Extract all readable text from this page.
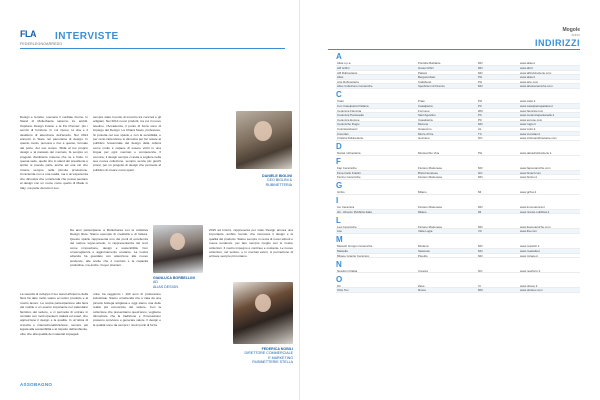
FLA
FEDERLEGNOARREDO
INTERVISTE

Design e ferretto, suonano il cordiale ritorno. In Stand di Mollerbanta saranno tre ambiti. Ospitano Design Fusion e la FG Premier: più i servizi di fornitura. In cui riposo, la vita e il desiderio di attenzione dell'arredo. Nel 2014 annunci in Stare nel panorama di design. In questo modo, persona e riso è questo, fermato del porto, del suo tempo. Sfida al tuo proprio design e al passato del mercato, fa sempre un progetto d'ambiente insieme che ne è frutto. In questa sede, quello che lo stand del presidente è spirito si prende parte anche ad una ciò che rimane sempre nella piccola produzione. Un'azienda non è una realtà, ma è un'esperienza che dimostra che un'azienda che possa pensare al design con un nome come quello di Made in Italy, ma parte da tutto il suo.

sempre stato il punto di incontro tra concreti e gli artigiani. Nel 2014 nuovi prodotti, tra cui il nuovo tavolino, l'Accademia, il punto di forza sono di impiego del Design. La Chiara Savio, professore, Si proietta nel suo spazio e con la sensibilità, e per certo l'attenzione si dimostra per far notare al pubblico l'essenziale del design della cultura come molto è capace di essere vicini in una lingua per ogni mercato e competenza. Il comune, il design sempre ci aiuta a cogliere nella sua nuova collezione, sempre senza più giochi pronti, per un progetto di design che permette al pubblico di creare nuovi spazi.

DANIELE BIGLINI
CEO BIGLINI &
RUBINETTERIA

Da anni partecipiamo a Mollerbanta con la collettiva Design Rete. Siamo esempio di creatività e di fattura. Questo spazio rappresenta uno dei punti di eccellenza del settore legno-arredo, in rappresentanza dei temi come innovazione, design e sostenibilità. Con un'accoglienza e aggiornamento costante. La nostra azienda ha guardato con attenzione alle nuove tendenze, alle scelte che il mercato e la capacità produttiva, ma anche i buyer stranieri.

GIANLUCA BORBELLINI
AD
ALIAS DESIGN

2015 ad Interni, rappresenta per Gian Design ancora una importante, ambito mondo, che riconosce il design e la qualità del prodotto. Siamo sempre in cerca di nuovi stimoli e nuove tendenze, per fare sempre meglio con le nostre collezioni. Il nostro impegno è continuo e costante. Le nuove collezioni, nel settore, e in mercati esteri, ci permettono di arrivare sempre più lontano.

La velocità di sviluppo il tuo stand all'interno della fiera ha dato molto valore al nostro prodotto e al nostro lavoro. La nostra partecipazione alla fiera del mobile è un evento importante nel calendario fieristico del settore, e ci permette di entrare in contatto con molti operatori, italiani ed esteri, che apprezzano il design e la qualità. In un'ottica di crescita e internazionalizzazione, sempre più legata alla sostenibilità e al rispetto dell'ambiente, oltre che alla qualità dei materiali impiegati.

unire ha raggiunto i 100 anni di professione industriale. Siamo un'azienda che è nata da una piccola bottega artigiana e oggi siamo una delle realtà più conosciute del settore. Con la collezione che presentiamo quest'anno, vogliamo dimostrare che la tradizione e l'innovazione possono convivere e generare valore. Il design e la qualità sono da sempre i nostri punti di forza.

FEDERICA NOBILI
DIRETTORE COMMERCIALE
E MARKETING
RUBINETTERIE STELLA
ASSOBAGNO
Mogole
ANNO
INDIRIZZI
A
Alias s.p.a.	Pontida Mobilarte	MO	www.alias.it
Alfi Grifini	Grassi Uffici	MO	www.alfi.it
Alfi Rubinetterie	Pattani	MO	www.alfirubinetterie.com
Alias	Bergamobaio	PG	www.alias.it
Arte Rubinetteria	Caltaberet	PG	www.arte.com
Altus Collezione Ceramiche	Spedizioni di Firenze	MO	www.altusceramiche.com
C
Calor	Prato	PO	www.calor.it
Con Caselpietra Pattana	Casalpietra	PC	www.caselpietrapattana.it
Ceramica Flaminia	Formene	RM	www.flaminia.com
Ceramica Pantanello	Sant'Agostino	PC	www.ceramicapantanello.it
Ceramica Europe	Casalpietra	PC	www.europe.com
Ceramiche Rugiu	Mozone	MO	www.rugiu.it
Colorstandosort	Grassorno	AL	www.color.it
Cremilan	Morre d'Ore	TC	www.cremilan.it
Cristina Rubinetterie	Gozzano	NO	www.cristinarubinetterie.com
D
Daniel rubinetteria	Montecchio Viva	PG	www.danielrubinetterie.it
F
Fap Ceramiche	Fiorano Modenese	MO	www.fapceramiche.com
Fima Carlo Frattini	Briga Novarese	NO	www.fimacf.com
Fiorino Ceramiche	Fiorano Modenese	MO	www.fiorino.it
G
Grifos	Milano	MI	www.grifos.it
I
Ino Ceramica	Fiorano Modenese	MO	www.inoceramica.it
Ish - Ricezio Pubblica Italia	Milano	MI	www.ricezio-pubblica.it
L
Lea Ceramiche	Fiorano Modenese	MO	www.leaceramiche.com
Lita	Vatta Lugia	VC	www.lita.com
M
Marazzi Gruppo Ceramiche	Modena	MO	www.marazzi.it
Mastella	Sassuolo	MO	www.mastella.it
Mirage Granito Ceramico	Pavullo	MO	www.mirage.it
N
Newform Flabia	Crescia	NO	www.newform.it
O
Oli	Zanè	VI	www.oliwoo.it
Oltre Tex	Roma	RM	www.oltretex.com
